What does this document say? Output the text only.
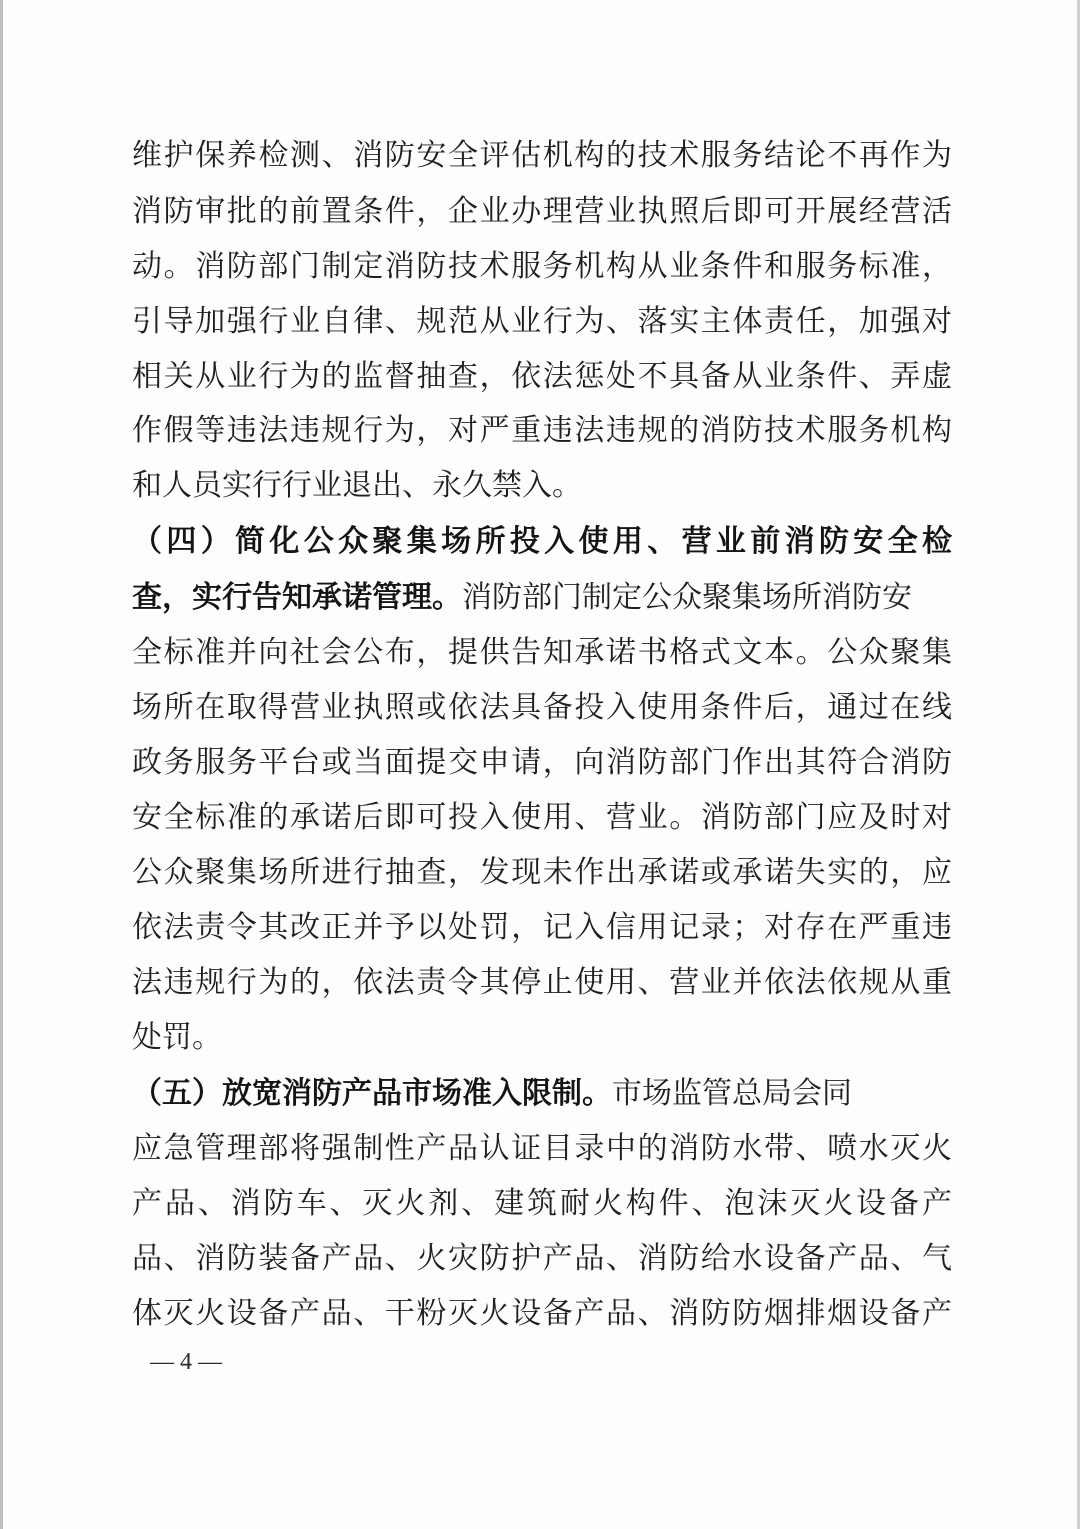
维护保养检测、消防安全评估机构的技术服务结论不再作为
消防审批的前置条件，企业办理营业执照后即可开展经营活
动。消防部门制定消防技术服务机构从业条件和服务标准，
引导加强行业自律、规范从业行为、落实主体责任，加强对
相关从业行为的监督抽查，依法惩处不具备从业条件、弄虚
作假等违法违规行为，对严重违法违规的消防技术服务机构
和人员实行行业退出、永久禁入。
（四）简化公众聚集场所投入使用、营业前消防安全检
查，实行告知承诺管理。消防部门制定公众聚集场所消防安
全标准并向社会公布，提供告知承诺书格式文本。公众聚集
场所在取得营业执照或依法具备投入使用条件后，通过在线
政务服务平台或当面提交申请，向消防部门作出其符合消防
安全标准的承诺后即可投入使用、营业。消防部门应及时对
公众聚集场所进行抽查，发现未作出承诺或承诺失实的，应
依法责令其改正并予以处罚，记入信用记录；对存在严重违
法违规行为的，依法责令其停止使用、营业并依法依规从重
处罚。
（五）放宽消防产品市场准入限制。市场监管总局会同
应急管理部将强制性产品认证目录中的消防水带、喷水灭火
产品、消防车、灭火剂、建筑耐火构件、泡沫灭火设备产
品、消防装备产品、火灾防护产品、消防给水设备产品、气
体灭火设备产品、干粉灭火设备产品、消防防烟排烟设备产
— 4 —
